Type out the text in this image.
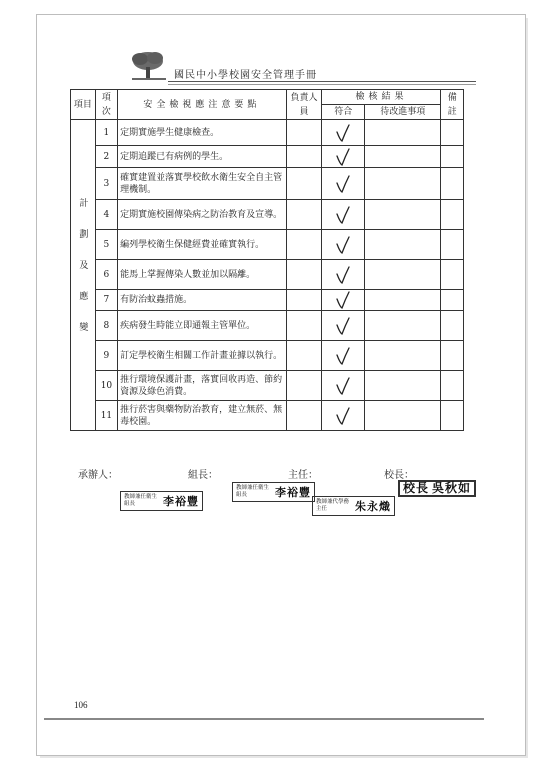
國民中小學校園安全管理手冊
項目	項次	安全檢視應注意要點	負責人員	檢核結果		備註
				符合	待改進事項	
計劃及應變	1	定期實施學生健康檢查。		

	2	定期追蹤已有病例的學生。		

	3	確實建置並落實學校飲水衛生安全自主管理機制。		

	4	定期實施校園傳染病之防治教育及宣導。		

	5	編列學校衛生保健經費並確實執行。		

	6	能馬上掌握傳染人數並加以隔離。		

	7	有防治蚊蟲措施。		

	8	疾病發生時能立即通報主管單位。		

	9	訂定學校衛生相關工作計畫並據以執行。		

	10	推行環境保護計畫，落實回收再造、節約資源及綠色消費。		

	11	推行菸害與藥物防治教育，建立無菸、無毒校園。		

承辦人：	組長：	主任：	校長：
教師兼任衛生組長	李裕豐
教師兼任衛生組長	李裕豐
教師兼代學務主任	朱永熾
校長 吳秋如
106
